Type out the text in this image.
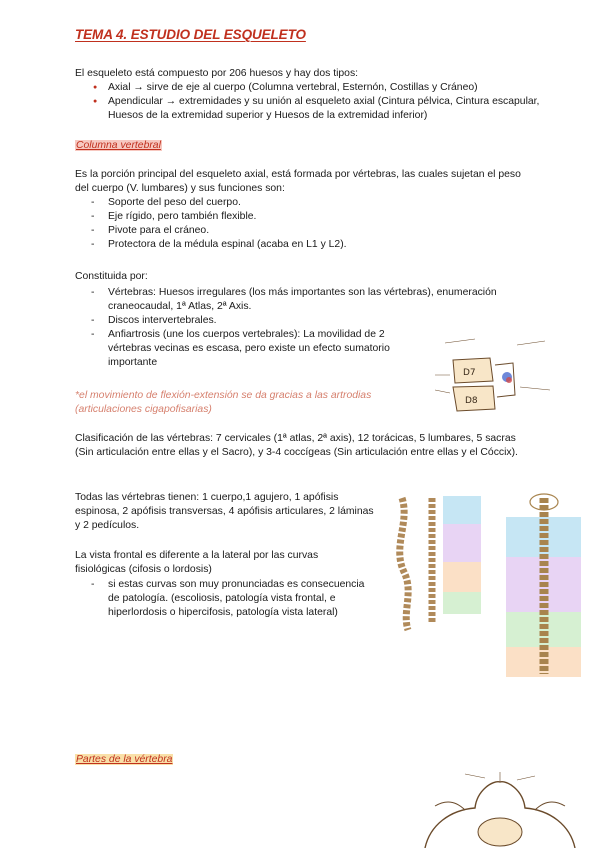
TEMA 4. ESTUDIO DEL ESQUELETO
El esqueleto está compuesto por 206 huesos y hay dos tipos:
● Axial → sirve de eje al cuerpo (Columna vertebral, Esternón, Costillas y Cráneo)
● Apendicular → extremidades y su unión al esqueleto axial (Cintura pélvica, Cintura escapular, Huesos de la extremidad superior y Huesos de la extremidad inferior)
Columna vertebral
Es la porción principal del esqueleto axial, está formada por vértebras, las cuales sujetan el peso del cuerpo (V. lumbares) y sus funciones son:
- Soporte del peso del cuerpo.
- Eje rígido, pero también flexible.
- Pivote para el cráneo.
- Protectora de la médula espinal (acaba en L1 y L2).
Constituida por:
- Vértebras: Huesos irregulares (los más importantes son las vértebras), enumeración craneocaudal, 1ª Atlas, 2ª Axis.
- Discos intervertebrales.
- Anfiartrosis (une los cuerpos vertebrales): La movilidad de 2 vértebras vecinas es escasa, pero existe un efecto sumatorio importante
*el movimiento de flexión-extensión se da gracias a las artrodias (articulaciones cigapofisarias)
D7
D8
Clasificación de las vértebras: 7 cervicales (1ª atlas, 2ª axis), 12 torácicas, 5 lumbares, 5 sacras (Sin articulación entre ellas y el Sacro), y 3-4 coccígeas (Sin articulación entre ellas y el Cóccix).
Todas las vértebras tienen: 1 cuerpo,1 agujero, 1 apófisis espinosa, 2 apófisis transversas, 4 apófisis articulares, 2 láminas y 2 pedículos.
La vista frontal es diferente a la lateral por las curvas fisiológicas (cifosis o lordosis)
- si estas curvas son muy pronunciadas es consecuencia de patología. (escoliosis, patología vista frontal, e hiperlordosis o hipercifosis, patología vista lateral)
Partes de la vértebra
